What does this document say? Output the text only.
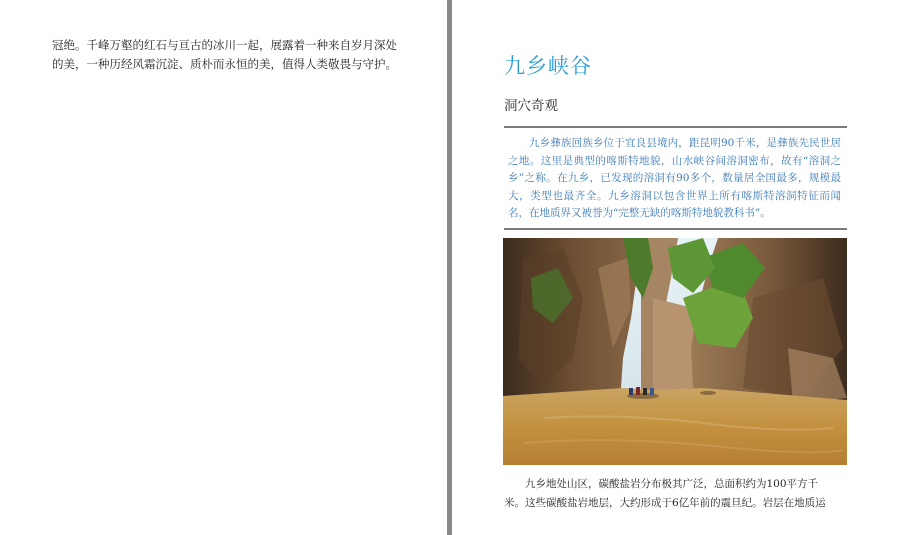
冠绝。千峰万壑的红石与亘古的冰川一起，展露着一种来自岁月深处的美，一种历经风霜沉淀、质朴而永恒的美，值得人类敬畏与守护。	九乡峡谷
洞穴奇观

九乡彝族回族乡位于宜良县境内，距昆明90千米，是彝族先民世居之地。这里是典型的喀斯特地貌，山水峡谷间溶洞密布，故有“溶洞之乡”之称。在九乡，已发现的溶洞有90多个，数量居全国最多，规模最大，类型也最齐全。九乡溶洞以包含世界上所有喀斯特溶洞特征而闻名，在地质界又被誉为“完整无缺的喀斯特地貌教科书”。

九乡地处山区，碳酸盐岩分布极其广泛，总面积约为100平方千
米。这些碳酸盐岩地层，大约形成于6亿年前的震旦纪。岩层在地质运
